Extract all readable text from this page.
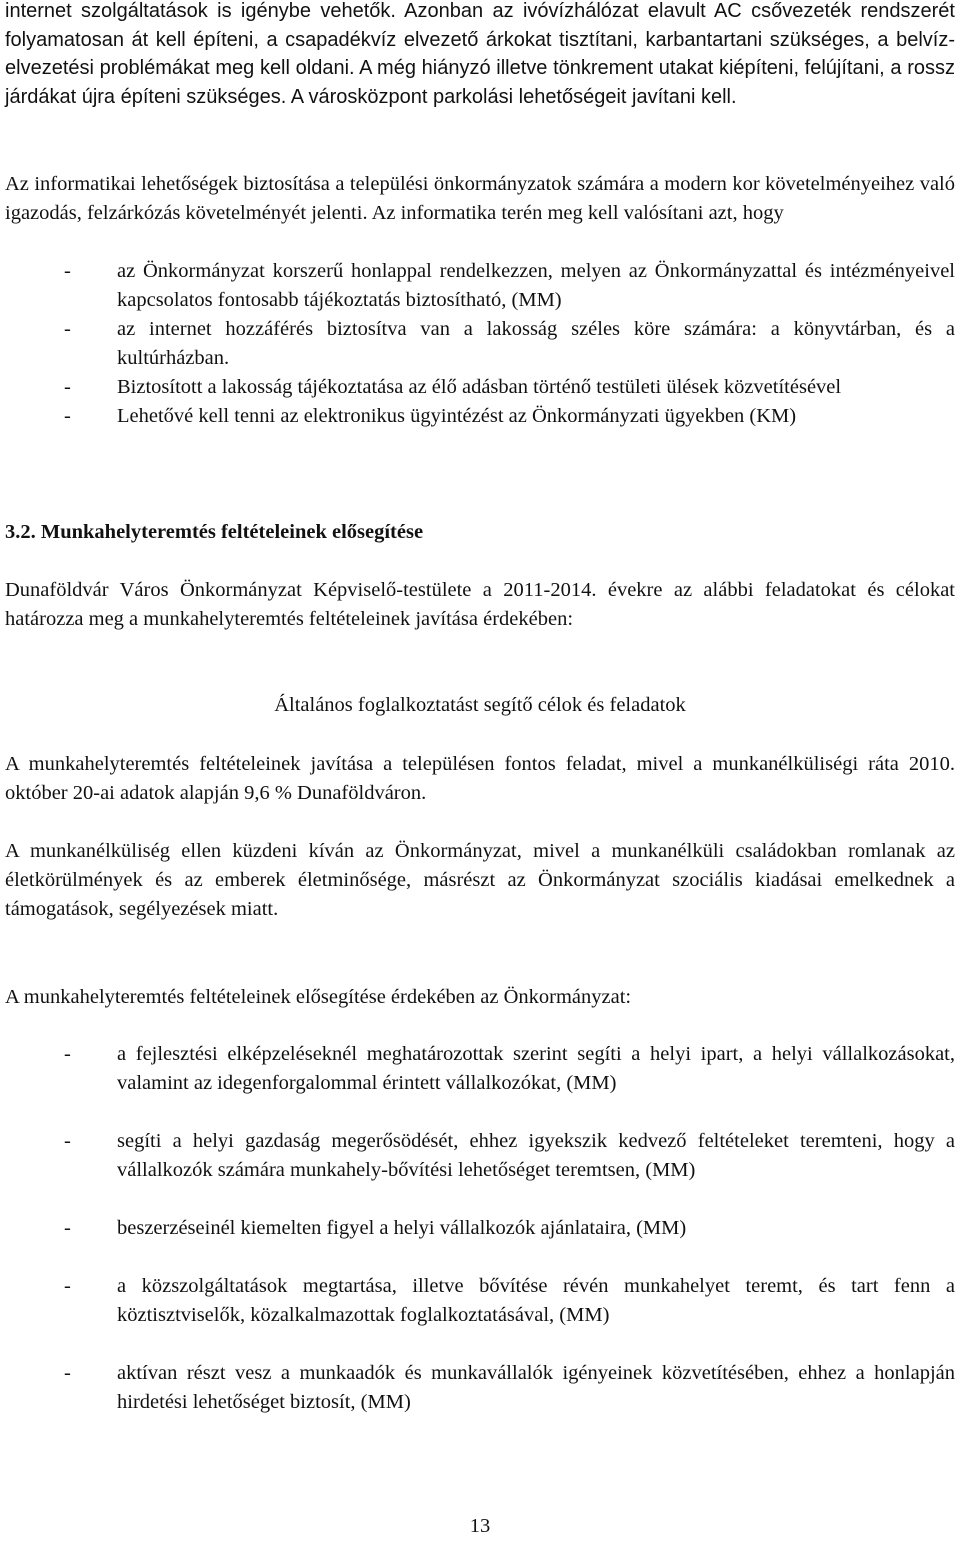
internet szolgáltatások is igénybe vehetők. Azonban az ivóvízhálózat elavult AC csővezeték rendszerét folyamatosan át kell építeni, a csapadékvíz elvezető árkokat tisztítani, karbantartani szükséges, a belvíz-elvezetési problémákat meg kell oldani. A még hiányzó illetve tönkrement utakat kiépíteni, felújítani, a rossz járdákat újra építeni szükséges. A városközpont parkolási lehetőségeit javítani kell.

Az informatikai lehetőségek biztosítása a települési önkormányzatok számára a modern kor követelményeihez való igazodás, felzárkózás követelményét jelenti. Az informatika terén meg kell valósítani azt, hogy

- az Önkormányzat korszerű honlappal rendelkezzen, melyen az Önkormányzattal és intézményeivel kapcsolatos fontosabb tájékoztatás biztosítható, (MM)
- az internet hozzáférés biztosítva van a lakosság széles köre számára: a könyvtárban, és a kultúrházban.
- Biztosított a lakosság tájékoztatása az élő adásban történő testületi ülések közvetítésével
- Lehetővé kell tenni az elektronikus ügyintézést az Önkormányzati ügyekben (KM)

3.2. Munkahelyteremtés feltételeinek elősegítése

Dunaföldvár Város Önkormányzat Képviselő-testülete a 2011-2014. évekre az alábbi feladatokat és célokat határozza meg a munkahelyteremtés feltételeinek javítása érdekében:

Általános foglalkoztatást segítő célok és feladatok

A munkahelyteremtés feltételeinek javítása a településen fontos feladat, mivel a munkanélküliségi ráta 2010. október 20-ai adatok alapján 9,6 % Dunaföldváron.

A munkanélküliség ellen küzdeni kíván az Önkormányzat, mivel a munkanélküli családokban romlanak az életkörülmények és az emberek életminősége, másrészt az Önkormányzat szociális kiadásai emelkednek a támogatások, segélyezések miatt.

A munkahelyteremtés feltételeinek elősegítése érdekében az Önkormányzat:

- a fejlesztési elképzeléseknél meghatározottak szerint segíti a helyi ipart, a helyi vállalkozásokat, valamint az idegenforgalommal érintett vállalkozókat, (MM)
- segíti a helyi gazdaság megerősödését, ehhez igyekszik kedvező feltételeket teremteni, hogy a vállalkozók számára munkahely-bővítési lehetőséget teremtsen, (MM)
- beszerzéseinél kiemelten figyel a helyi vállalkozók ajánlataira, (MM)
- a közszolgáltatások megtartása, illetve bővítése révén munkahelyet teremt, és tart fenn a köztisztviselők, közalkalmazottak foglalkoztatásával, (MM)
- aktívan részt vesz a munkaadók és munkavállalók igényeinek közvetítésében, ehhez a honlapján hirdetési lehetőséget biztosít, (MM)
13
